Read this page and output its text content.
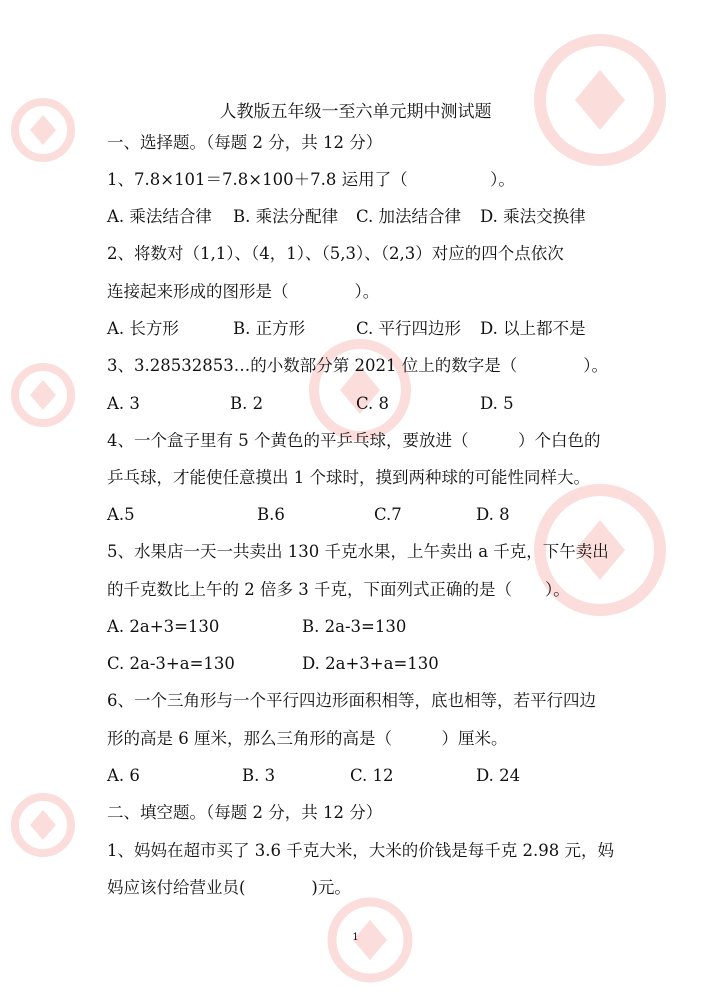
人教版五年级一至六单元期中测试题
一、选择题。（每题 2 分，共 12 分）
1、7.8×101＝7.8×100＋7.8 运用了（　　　　　）。
A. 乘法结合律 B. 乘法分配律 C. 加法结合律 D. 乘法交换律
2、将数对（1,1）、（4，1）、（5,3）、（2,3）对应的四个点依次
连接起来形成的图形是（　　　　）。
A. 长方形	B. 正方形	C. 平行四边形 D. 以上都不是
3、3.28532853…的小数部分第 2021 位上的数字是（　　　　）。
A. 3	B. 2	C. 8	D. 5
4、一个盒子里有 5 个黄色的平乒乓球，要放进（　　　）个白色的
乒乓球，才能使任意摸出 1 个球时，摸到两种球的可能性同样大。
A.5	B.6	C.7	D. 8
5、水果店一天一共卖出 130 千克水果，上午卖出 a 千克，下午卖出
的千克数比上午的 2 倍多 3 千克，下面列式正确的是（　　）。
A. 2a+3=130	B. 2a-3=130
C. 2a-3+a=130	D. 2a+3+a=130
6、一个三角形与一个平行四边形面积相等，底也相等，若平行四边
形的高是 6 厘米，那么三角形的高是（　　　）厘米。
A. 6	B. 3	C. 12	D. 24
二、填空题。（每题 2 分，共 12 分）
1、妈妈在超市买了 3.6 千克大米，大米的价钱是每千克 2.98 元，妈
妈应该付给营业员(　　　　)元。
1
